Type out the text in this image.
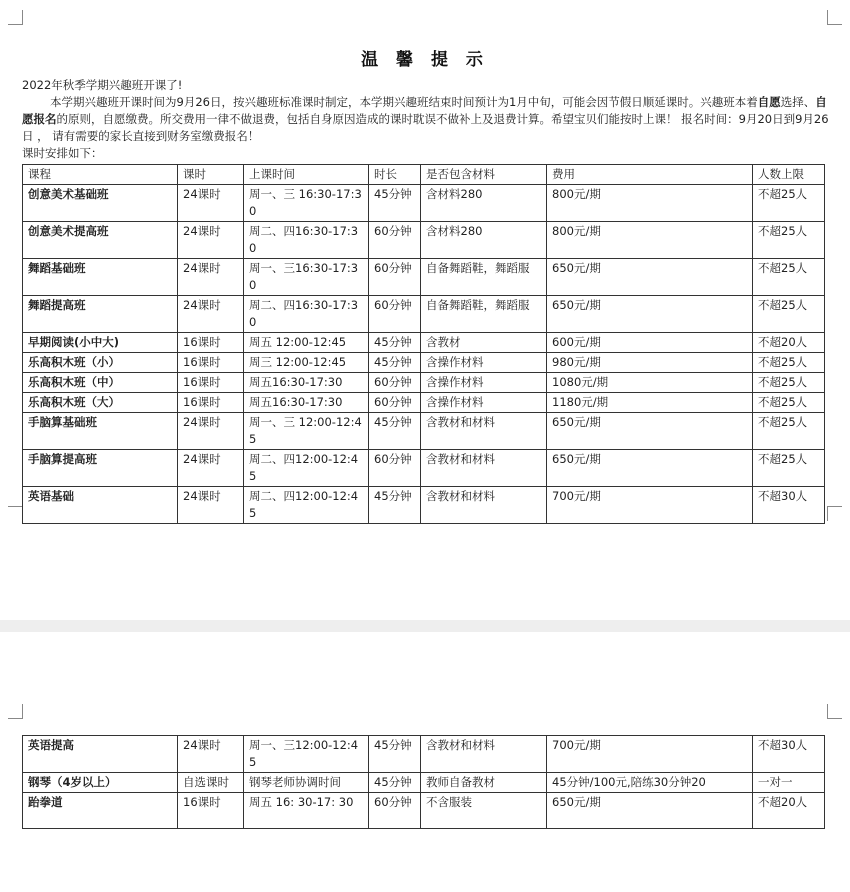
温 馨 提 示

2022年秋季学期兴趣班开课了!

本学期兴趣班开课时间为9月26日，按兴趣班标准课时制定，本学期兴趣班结束时间预计为1月中旬，可能会因节假日顺延课时。兴趣班本着自愿选择、自愿报名的原则，自愿缴费。所交费用一律不做退费，包括自身原因造成的课时耽误不做补上及退费计算。希望宝贝们能按时上课！ 报名时间：9月20日到9月26日 ， 请有需要的家长直接到财务室缴费报名！

课时安排如下：

课程	课时	上课时间	时长	是否包含材料	费用	人数上限
创意美术基础班	24课时	周一、三 16:30-17:30	45分钟	含材料280	800元/期	不超25人
创意美术提高班	24课时	周二、四16:30-17:30	60分钟	含材料280	800元/期	不超25人
舞蹈基础班	24课时	周一、三16:30-17:30	60分钟	自备舞蹈鞋，舞蹈服	650元/期	不超25人
舞蹈提高班	24课时	周二、四16:30-17:30	60分钟	自备舞蹈鞋，舞蹈服	650元/期	不超25人
早期阅读(小中大)	16课时	周五 12:00-12:45	45分钟	含教材	600元/期	不超20人
乐高积木班（小）	16课时	周三 12:00-12:45	45分钟	含操作材料	980元/期	不超25人
乐高积木班（中）	16课时	周五16:30-17:30	60分钟	含操作材料	1080元/期	不超25人
乐高积木班（大）	16课时	周五16:30-17:30	60分钟	含操作材料	1180元/期	不超25人
手脑算基础班	24课时	周一、三 12:00-12:45	45分钟	含教材和材料	650元/期	不超25人
手脑算提高班	24课时	周二、四12:00-12:45	60分钟	含教材和材料	650元/期	不超25人
英语基础	24课时	周二、四12:00-12:45	45分钟	含教材和材料	700元/期	不超30人
英语提高	24课时	周一、三12:00-12:45	45分钟	含教材和材料	700元/期	不超30人
钢琴（4岁以上）	自选课时	钢琴老师协调时间	45分钟	教师自备教材	45分钟/100元,陪练30分钟20	一对一
跆拳道	16课时	周五 16: 30-17: 30	60分钟	不含服装	650元/期	不超20人
